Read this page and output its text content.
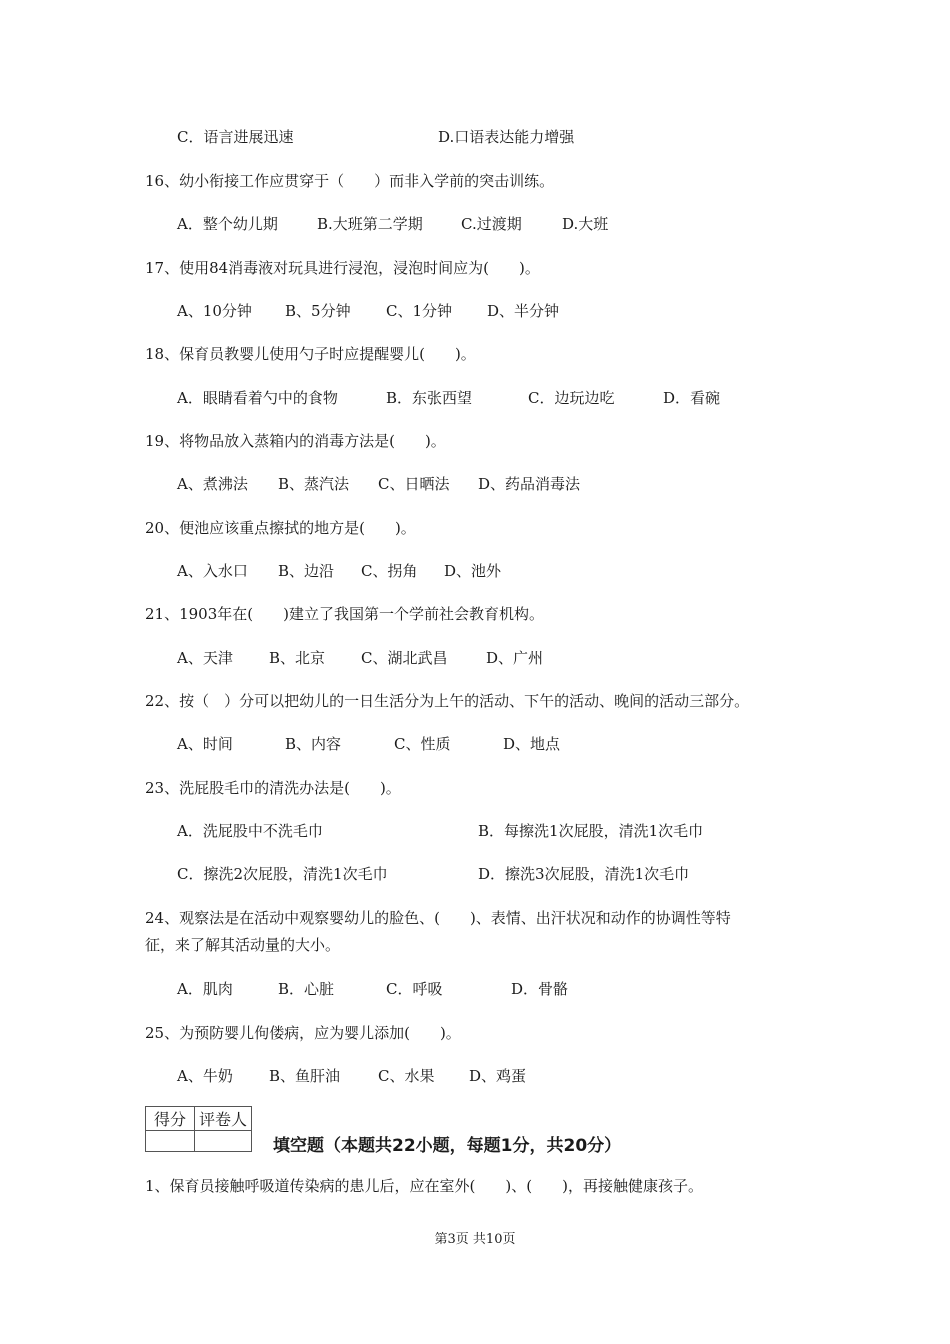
C．语言进展迅速	D.口语表达能力增强
16、幼小衔接工作应贯穿于（　　）而非入学前的突击训练。
A．整个幼儿期	B.大班第二学期	C.过渡期	D.大班
17、使用84消毒液对玩具进行浸泡，浸泡时间应为(　　)。
A、10分钟 B、5分钟 C、1分钟 D、半分钟
18、保育员教婴儿使用勺子时应提醒婴儿(　　)。
A．眼睛看着勺中的食物	B．东张西望	C．边玩边吃	D．看碗
19、将物品放入蒸箱内的消毒方法是(　　)。
A、煮沸法 B、蒸汽法 C、日晒法 D、药品消毒法
20、便池应该重点擦拭的地方是(　　)。
A、入水口 B、边沿 C、拐角 D、池外
21、1903年在(　　)建立了我国第一个学前社会教育机构。
A、天津 B、北京 C、湖北武昌	D、广州
22、按（　）分可以把幼儿的一日生活分为上午的活动、下午的活动、晚间的活动三部分。
A、时间	B、内容	C、性质	D、地点
23、洗屁股毛巾的清洗办法是(　　)。
A．洗屁股中不洗毛巾	B．每擦洗1次屁股，清洗1次毛巾
C．擦洗2次屁股，清洗1次毛巾	D．擦洗3次屁股，清洗1次毛巾
24、观察法是在活动中观察婴幼儿的脸色、(　　)、表情、出汗状况和动作的协调性等特
征，来了解其活动量的大小。
A．肌肉	B．心脏	C．呼吸	D．骨骼
25、为预防婴儿佝偻病，应为婴儿添加(　　)。
A、牛奶 B、鱼肝油	C、水果 D、鸡蛋
得分	评卷人

填空题（本题共22小题，每题1分，共20分）
1、保育员接触呼吸道传染病的患儿后，应在室外(　　)、(　　)，再接触健康孩子。
第3页 共10页
